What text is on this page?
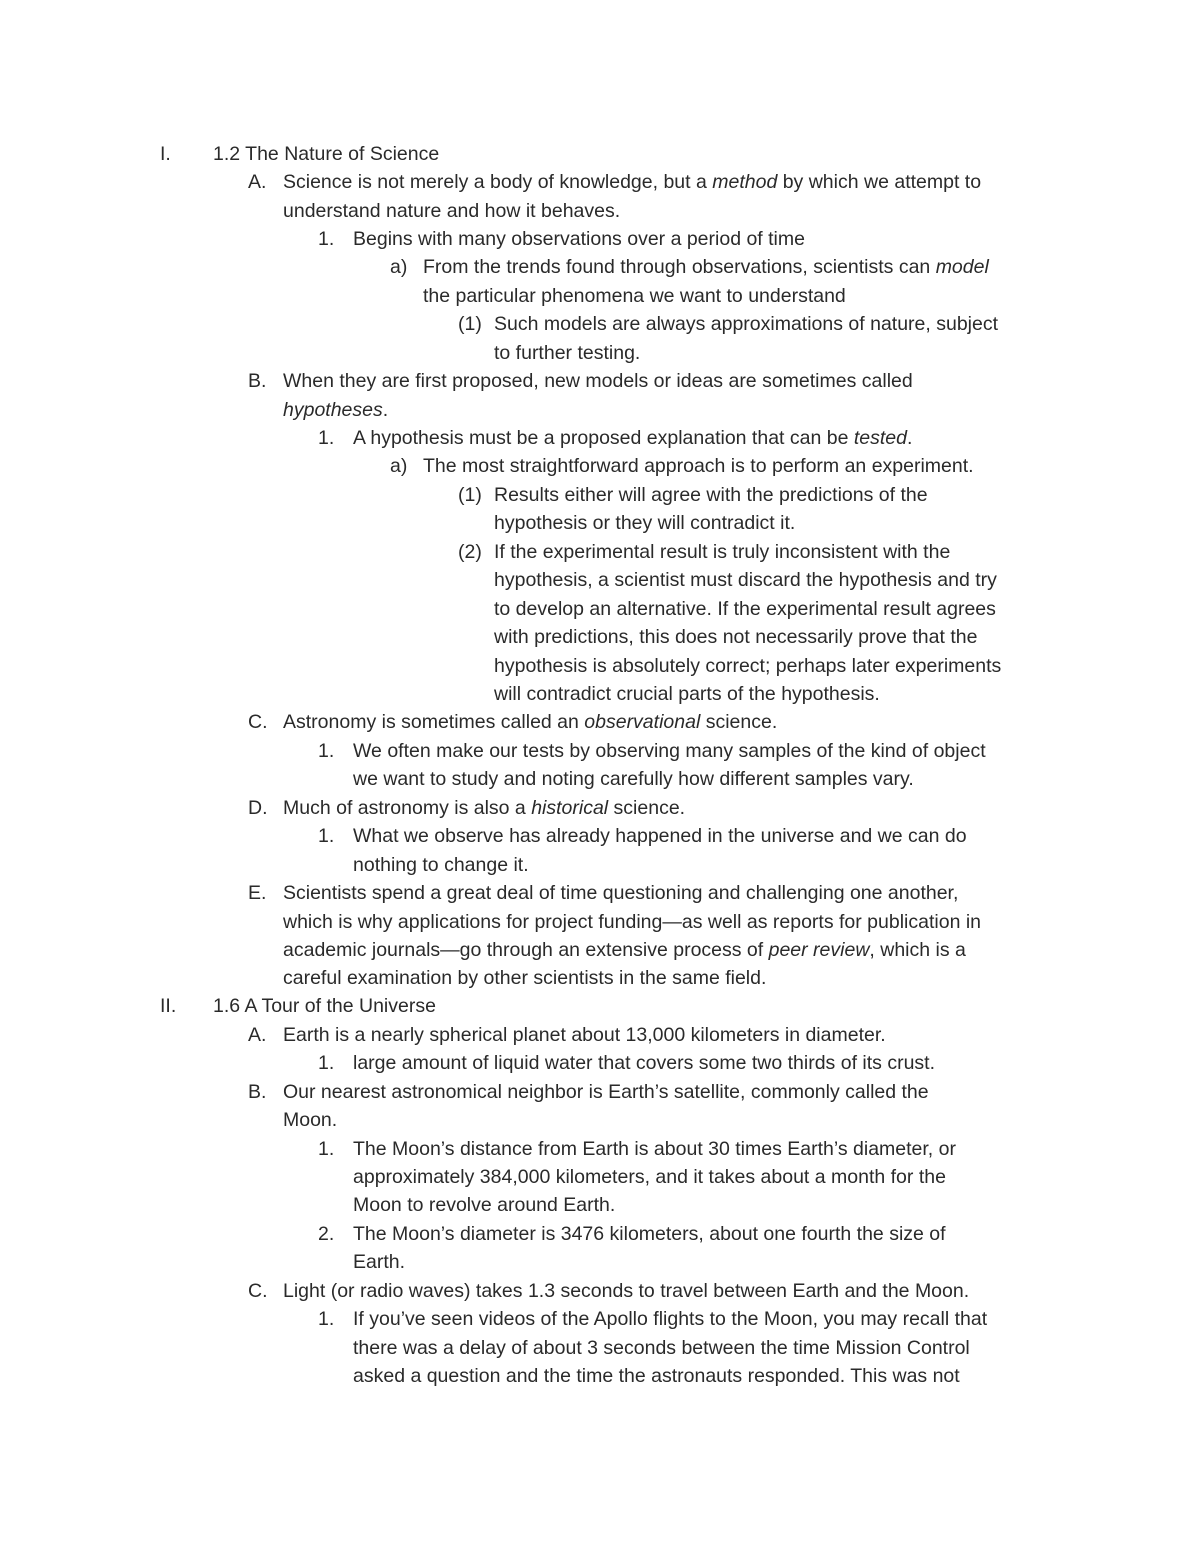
I. 1.2 The Nature of Science
A. Science is not merely a body of knowledge, but a method by which we attempt to
understand nature and how it behaves.
1. Begins with many observations over a period of time
a) From the trends found through observations, scientists can model
the particular phenomena we want to understand
(1) Such models are always approximations of nature, subject
to further testing.
B. When they are first proposed, new models or ideas are sometimes called
hypotheses.
1. A hypothesis must be a proposed explanation that can be tested.
a) The most straightforward approach is to perform an experiment.
(1) Results either will agree with the predictions of the
hypothesis or they will contradict it.
(2) If the experimental result is truly inconsistent with the
hypothesis, a scientist must discard the hypothesis and try
to develop an alternative. If the experimental result agrees
with predictions, this does not necessarily prove that the
hypothesis is absolutely correct; perhaps later experiments
will contradict crucial parts of the hypothesis.
C. Astronomy is sometimes called an observational science.
1. We often make our tests by observing many samples of the kind of object
we want to study and noting carefully how different samples vary.
D. Much of astronomy is also a historical science.
1. What we observe has already happened in the universe and we can do
nothing to change it.
E. Scientists spend a great deal of time questioning and challenging one another,
which is why applications for project funding—as well as reports for publication in
academic journals—go through an extensive process of peer review, which is a
careful examination by other scientists in the same field.
II. 1.6 A Tour of the Universe
A. Earth is a nearly spherical planet about 13,000 kilometers in diameter.
1. large amount of liquid water that covers some two thirds of its crust.
B. Our nearest astronomical neighbor is Earth’s satellite, commonly called the
Moon.
1. The Moon’s distance from Earth is about 30 times Earth’s diameter, or
approximately 384,000 kilometers, and it takes about a month for the
Moon to revolve around Earth.
2. The Moon’s diameter is 3476 kilometers, about one fourth the size of
Earth.
C. Light (or radio waves) takes 1.3 seconds to travel between Earth and the Moon.
1. If you’ve seen videos of the Apollo flights to the Moon, you may recall that
there was a delay of about 3 seconds between the time Mission Control
asked a question and the time the astronauts responded. This was not
